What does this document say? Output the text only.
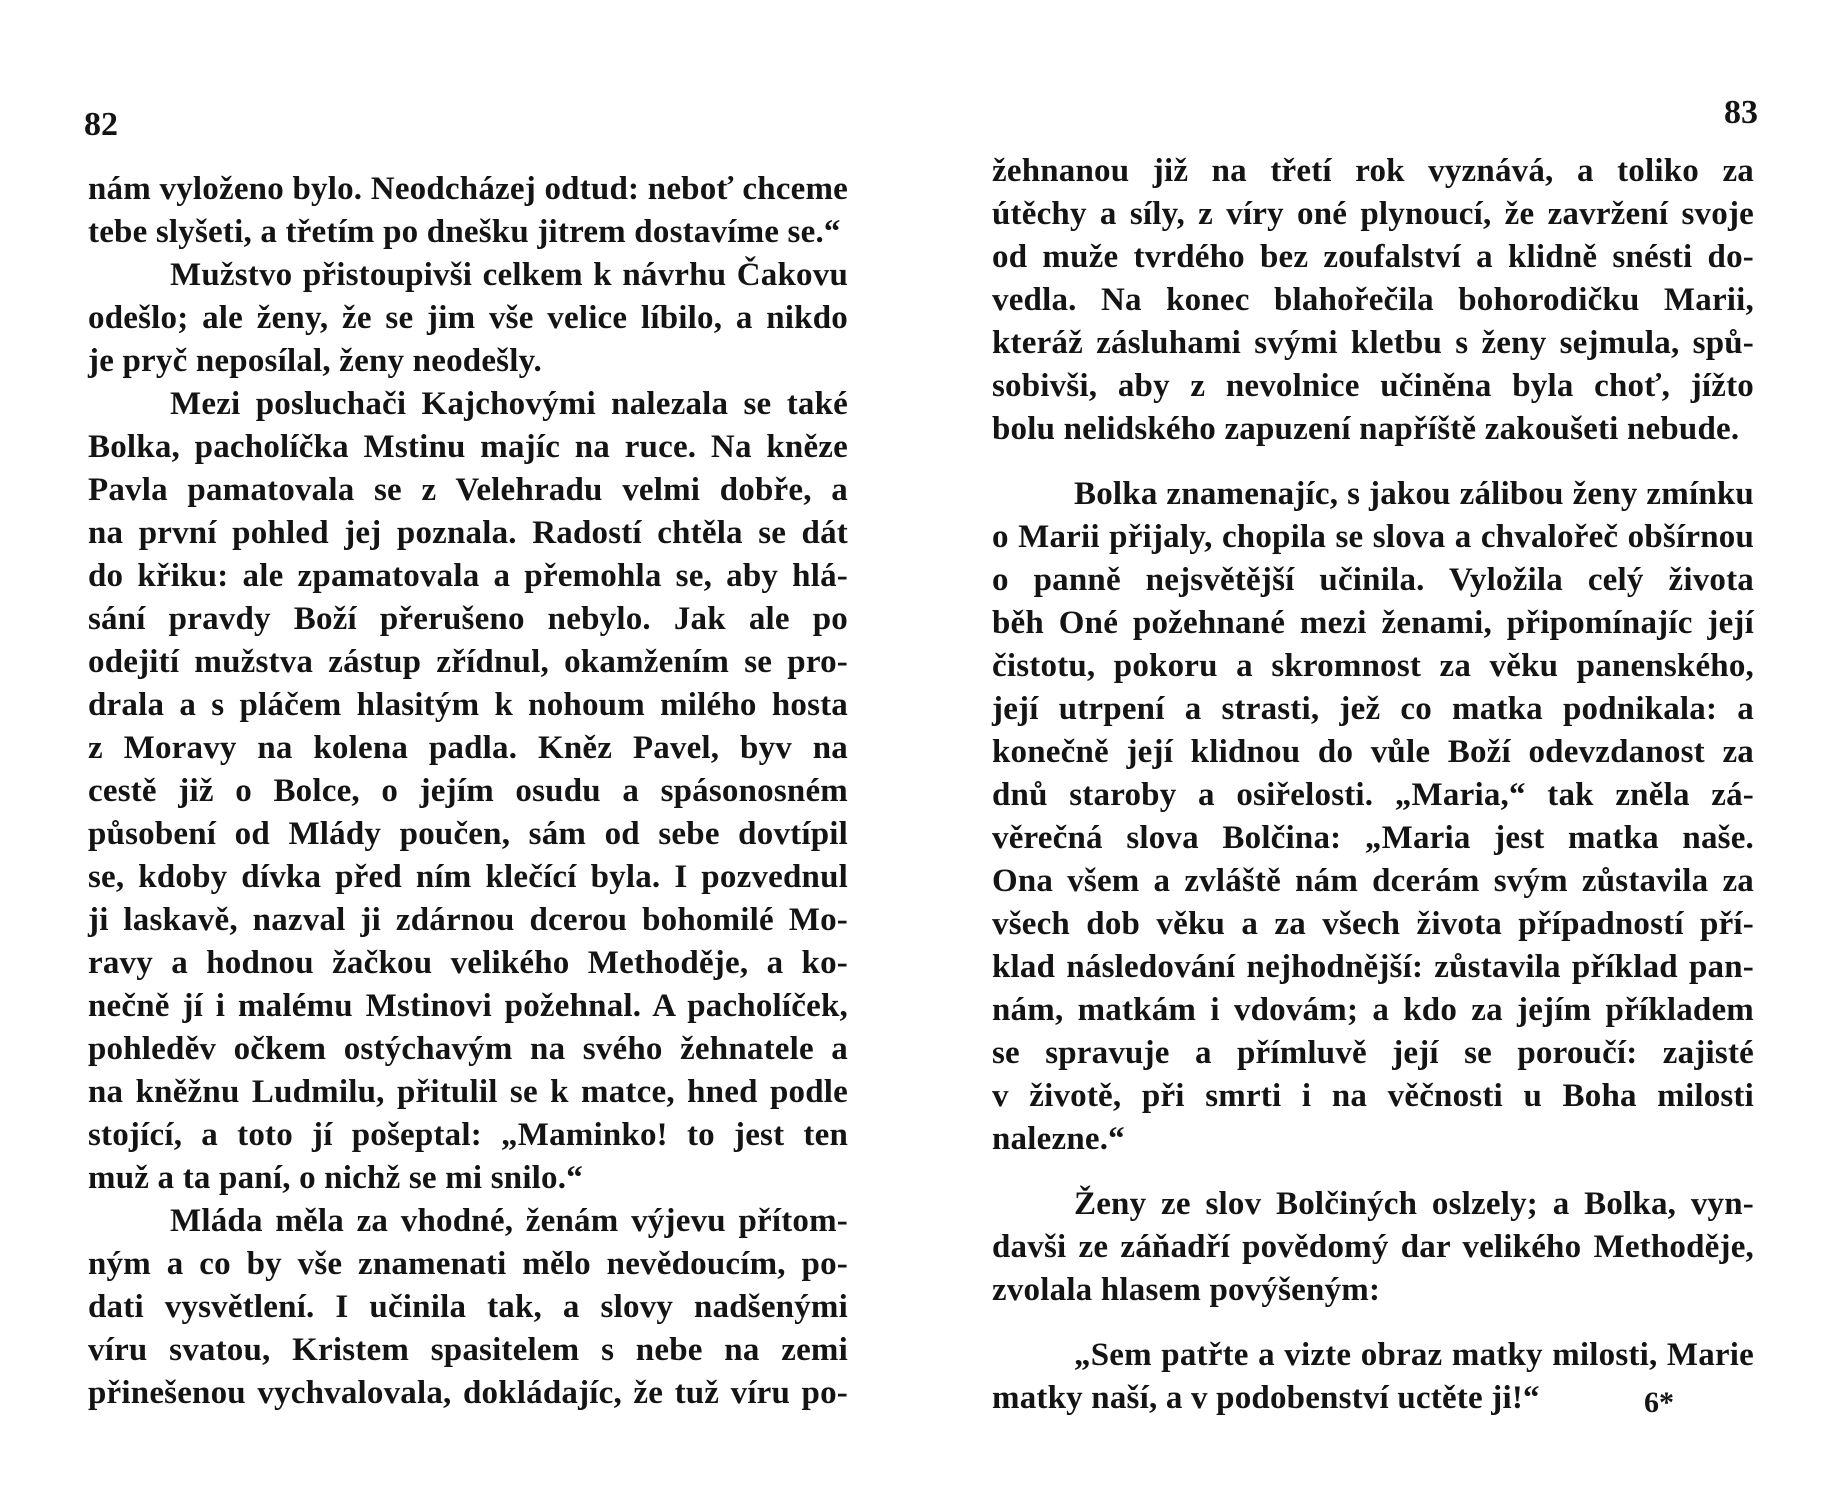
82	83
nám vyloženo bylo. Neodcházej odtud: neboť chceme
tebe slyšeti, a třetím po dnešku jitrem dostavíme se.“
Mužstvo přistoupivši celkem k návrhu Čakovu
odešlo; ale ženy, že se jim vše velice líbilo, a nikdo
je pryč neposílal, ženy neodešly.
Mezi posluchači Kajchovými nalezala se také
Bolka, pacholíčka Mstinu majíc na ruce. Na kněze
Pavla pamatovala se z Velehradu velmi dobře, a
na první pohled jej poznala. Radostí chtěla se dát
do křiku: ale zpamatovala a přemohla se, aby hlá-
sání pravdy Boží přerušeno nebylo. Jak ale po
odejití mužstva zástup zřídnul, okamžením se pro-
drala a s pláčem hlasitým k nohoum milého hosta
z Moravy na kolena padla. Kněz Pavel, byv na
cestě již o Bolce, o jejím osudu a spásonosném
působení od Mlády poučen, sám od sebe dovtípil
se, kdoby dívka před ním klečící byla. I pozvednul
ji laskavě, nazval ji zdárnou dcerou bohomilé Mo-
ravy a hodnou žačkou velikého Methoděje, a ko-
nečně jí i malému Mstinovi požehnal. A pacholíček,
pohleděv očkem ostýchavým na svého žehnatele a
na kněžnu Ludmilu, přitulil se k matce, hned podle
stojící, a toto jí pošeptal: „Maminko! to jest ten
muž a ta paní, o nichž se mi snilo.“
Mláda měla za vhodné, ženám výjevu přítom-
ným a co by vše znamenati mělo nevědoucím, po-
dati vysvětlení. I učinila tak, a slovy nadšenými
víru svatou, Kristem spasitelem s nebe na zemi
přinešenou vychvalovala, dokládajíc, že tuž víru po-
žehnanou již na třetí rok vyznává, a toliko za
útěchy a síly, z víry oné plynoucí, že zavržení svoje
od muže tvrdého bez zoufalství a klidně snésti do-
vedla. Na konec blahořečila bohorodičku Marii,
kteráž zásluhami svými kletbu s ženy sejmula, spů-
sobivši, aby z nevolnice učiněna byla choť, jížto
bolu nelidského zapuzení napříště zakoušeti nebude.
Bolka znamenajíc, s jakou zálibou ženy zmínku
o Marii přijaly, chopila se slova a chvalořeč obšírnou
o panně nejsvětější učinila. Vyložila celý života
běh Oné požehnané mezi ženami, připomínajíc její
čistotu, pokoru a skromnost za věku panenského,
její utrpení a strasti, jež co matka podnikala: a
konečně její klidnou do vůle Boží odevzdanost za
dnů staroby a osiřelosti. „Maria,“ tak zněla zá-
věrečná slova Bolčina: „Maria jest matka naše.
Ona všem a zvláště nám dcerám svým zůstavila za
všech dob věku a za všech života případností pří-
klad následování nejhodnější: zůstavila příklad pan-
nám, matkám i vdovám; a kdo za jejím příkladem
se spravuje a přímluvě její se poroučí: zajisté
v životě, při smrti i na věčnosti u Boha milosti
nalezne.“
Ženy ze slov Bolčiných oslzely; a Bolka, vyn-
davši ze záňadří povědomý dar velikého Methoděje,
zvolala hlasem povýšeným:
„Sem patřte a vizte obraz matky milosti, Marie
matky naší, a v podobenství uctěte ji!“	6*
